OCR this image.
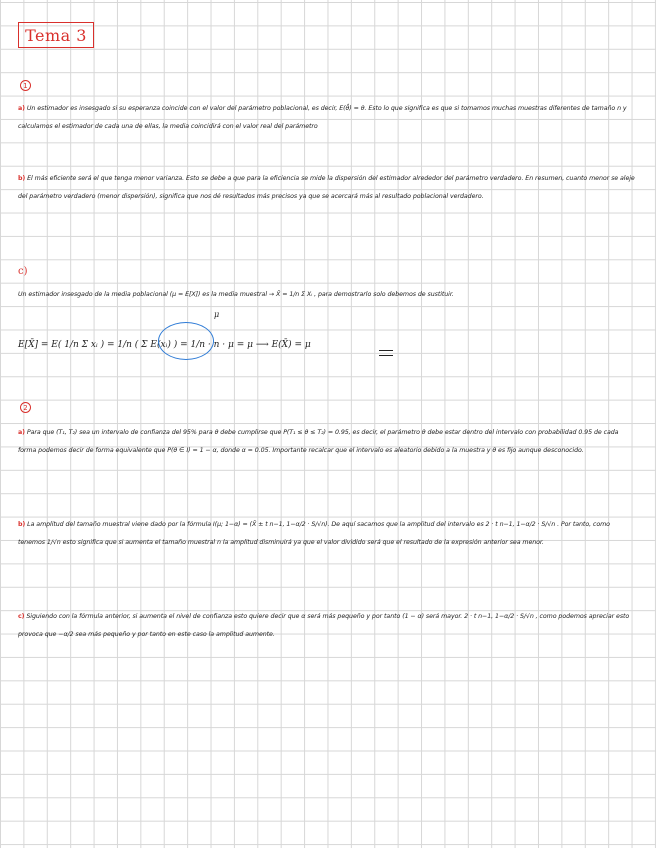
Tema 3
1

a) Un estimador es insesgado si su esperanza coincide con el valor del parámetro poblacional, es decir, E(θ̂) = θ. Esto lo que significa es que si tomamos muchas muestras diferentes de tamaño n y calculamos el estimador de cada una de ellas, la media coincidirá con el valor real del parámetro

b) El más eficiente será el que tenga menor varianza. Esto se debe a que para la eficiencia se mide la dispersión del estimador alrededor del parámetro verdadero. En resumen, cuanto menor se aleje del parámetro verdadero (menor dispersión), significa que nos dé resultados más precisos ya que se acercará más al resultado poblacional verdadero.

c)

Un estimador insesgado de la media poblacional (μ = E[X]) es la media muestral → X̄ = 1/n Σ Xᵢ , para demostrarlo solo debemos de sustituir.

E[X̄] = E( 1/n Σ xᵢ ) = 1/n ( Σ E(xᵢ) ) = 1/n · n · μ = μ ⟶ E(X̄) = μ
μ
2

a) Para que (T₁, T₂) sea un intervalo de confianza del 95% para θ debe cumplirse que P(T₁ ≤ θ ≤ T₂) = 0.95, es decir, el parámetro θ debe estar dentro del intervalo con probabilidad 0.95 de cada forma podemos decir de forma equivalente que P(θ ∈ I) = 1 − α, donde α = 0.05. Importante recalcar que el intervalo es aleatorio debido a la muestra y θ es fijo aunque desconocido.

b) La amplitud del tamaño muestral viene dado por la fórmula I(μ; 1−α) = (X̄ ± t n−1, 1−α/2 · S/√n). De aquí sacamos que la amplitud del intervalo es 2 · t n−1, 1−α/2 · S/√n . Por tanto, como tenemos 1/√n esto significa que si aumenta el tamaño muestral n la amplitud disminuirá ya que el valor dividido será que el resultado de la expresión anterior sea menor.

c) Siguiendo con la fórmula anterior, si aumenta el nivel de confianza esto quiere decir que α será más pequeño y por tanto (1 − α) será mayor. 2 · t n−1, 1−α/2 · S/√n , como podemos apreciar esto provoca que −α/2 sea más pequeño y por tanto en este caso la amplitud aumente.
